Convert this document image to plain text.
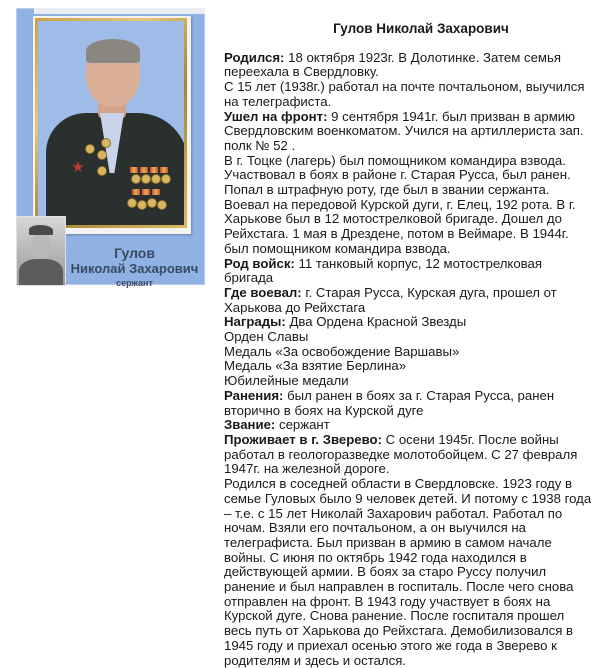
Гулов
Николай Захарович
сержант
Гулов Николай Захарович

Родился: 18 октября 1923г. В Долотинке. Затем семья переехала в Свердловку.

С 15 лет (1938г.) работал на почте почтальоном, выучился на телеграфиста.

Ушел на фронт: 9 сентября 1941г. был призван в армию Свердловским военкоматом. Учился на артиллериста зап. полк № 52 .

В г. Тоцке (лагерь) был помощником командира взвода. Участвовал в боях в районе г. Старая Русса, был ранен. Попал в штрафную роту, где был в звании сержанта. Воевал на передовой Курской дуги, г. Елец, 192 рота. В г. Харькове был в 12 мотострелковой бригаде. Дошел до Рейхстага. 1 мая в Дрездене, потом в Веймаре. В 1944г. был помощником командира взвода.

Род войск: 11 танковый корпус, 12 мотострелковая бригада

Где воевал: г. Старая Русса, Курская дуга, прошел от Харькова до Рейхстага

Награды: Два Ордена Красной Звезды

Орден Славы

Медаль «За освобождение Варшавы»

Медаль «За взятие Берлина»

Юбилейные медали

Ранения: был ранен в боях за г. Старая Русса, ранен вторично в боях на Курской дуге

Звание: сержант

Проживает в г. Зверево: С осени 1945г. После войны работал в геологоразведке молотобойцем. С 27 февраля 1947г. на железной дороге.

Родился в соседней области в Свердловске. 1923 году в семье Гуловых было 9 человек детей. И потому с 1938 года – т.е. с 15 лет Николай Захарович работал. Работал по ночам. Взяли его почтальоном, а он выучился на телеграфиста. Был призван в армию в самом начале войны. С июня по октябрь 1942 года находился в действующей армии. В боях за старо Руссу получил ранение и был направлен в госпиталь. После чего снова отправлен на фронт. В 1943 году участвует в боях на Курской дуге. Снова ранение. После госпиталя прошел весь путь от Харькова до Рейхстага. Демобилизовался в 1945 году и приехал осенью этого же года в Зверево к родителям и здесь и остался.
